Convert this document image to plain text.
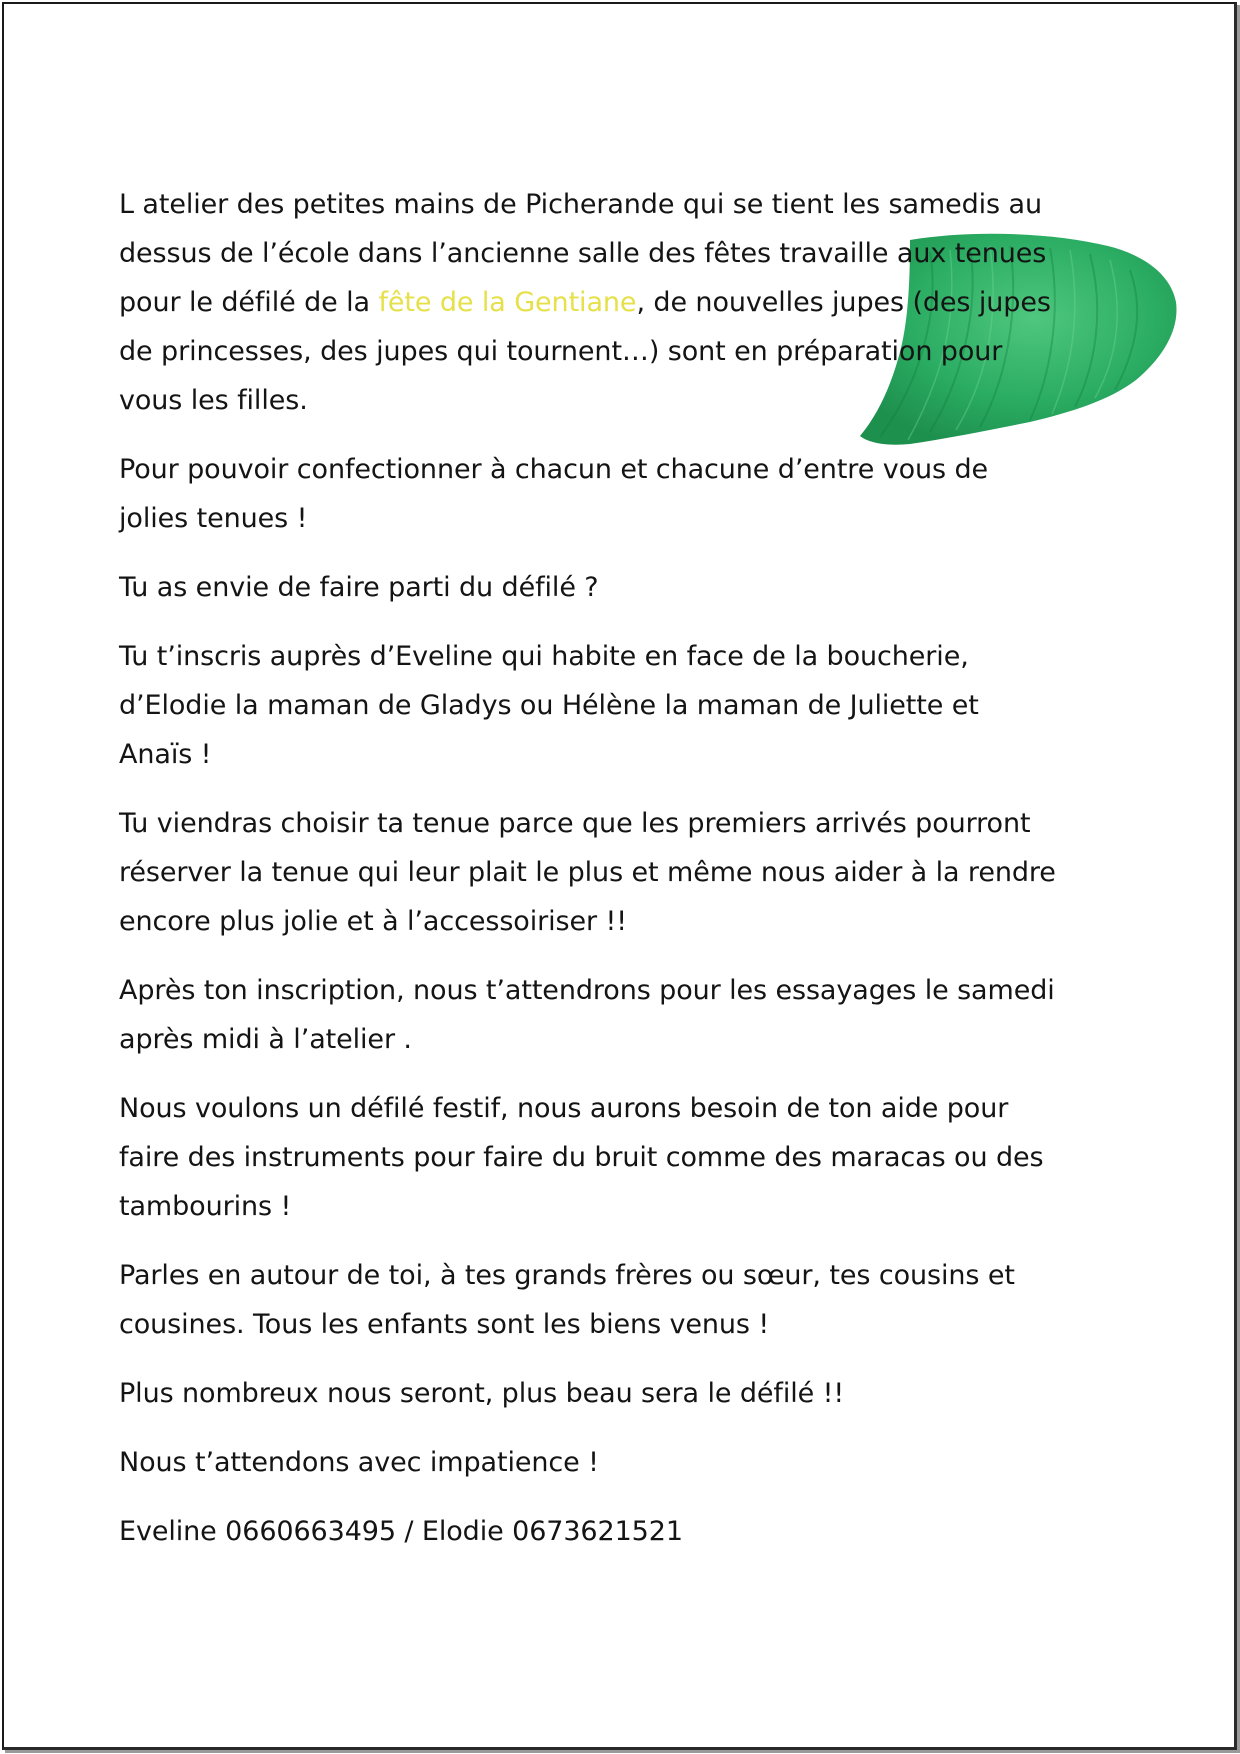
L atelier des petites mains de Picherande qui se tient les samedis au
dessus de l’école dans l’ancienne salle des fêtes travaille aux tenues
pour le défilé de la fête de la Gentiane, de nouvelles jupes (des jupes
de princesses, des jupes qui tournent…) sont en préparation pour
vous les filles.
Pour pouvoir confectionner à chacun et chacune d’entre vous de
jolies tenues !
Tu as envie de faire parti du défilé ?
Tu t’inscris auprès d’Eveline qui habite en face de la boucherie,
d’Elodie la maman de Gladys ou Hélène la maman de Juliette et
Anaïs !
Tu viendras choisir ta tenue parce que les premiers arrivés pourront
réserver la tenue qui leur plait le plus et même nous aider à la rendre
encore plus jolie et à l’accessoiriser !!
Après ton inscription, nous t’attendrons pour les essayages le samedi
après midi à l’atelier .
Nous voulons un défilé festif, nous aurons besoin de ton aide pour
faire des instruments pour faire du bruit comme des maracas ou des
tambourins !
Parles en autour de toi, à tes grands frères ou sœur, tes cousins et
cousines. Tous les enfants sont les biens venus !
Plus nombreux nous seront, plus beau sera le défilé !!
Nous t’attendons avec impatience !
Eveline 0660663495 / Elodie 0673621521
